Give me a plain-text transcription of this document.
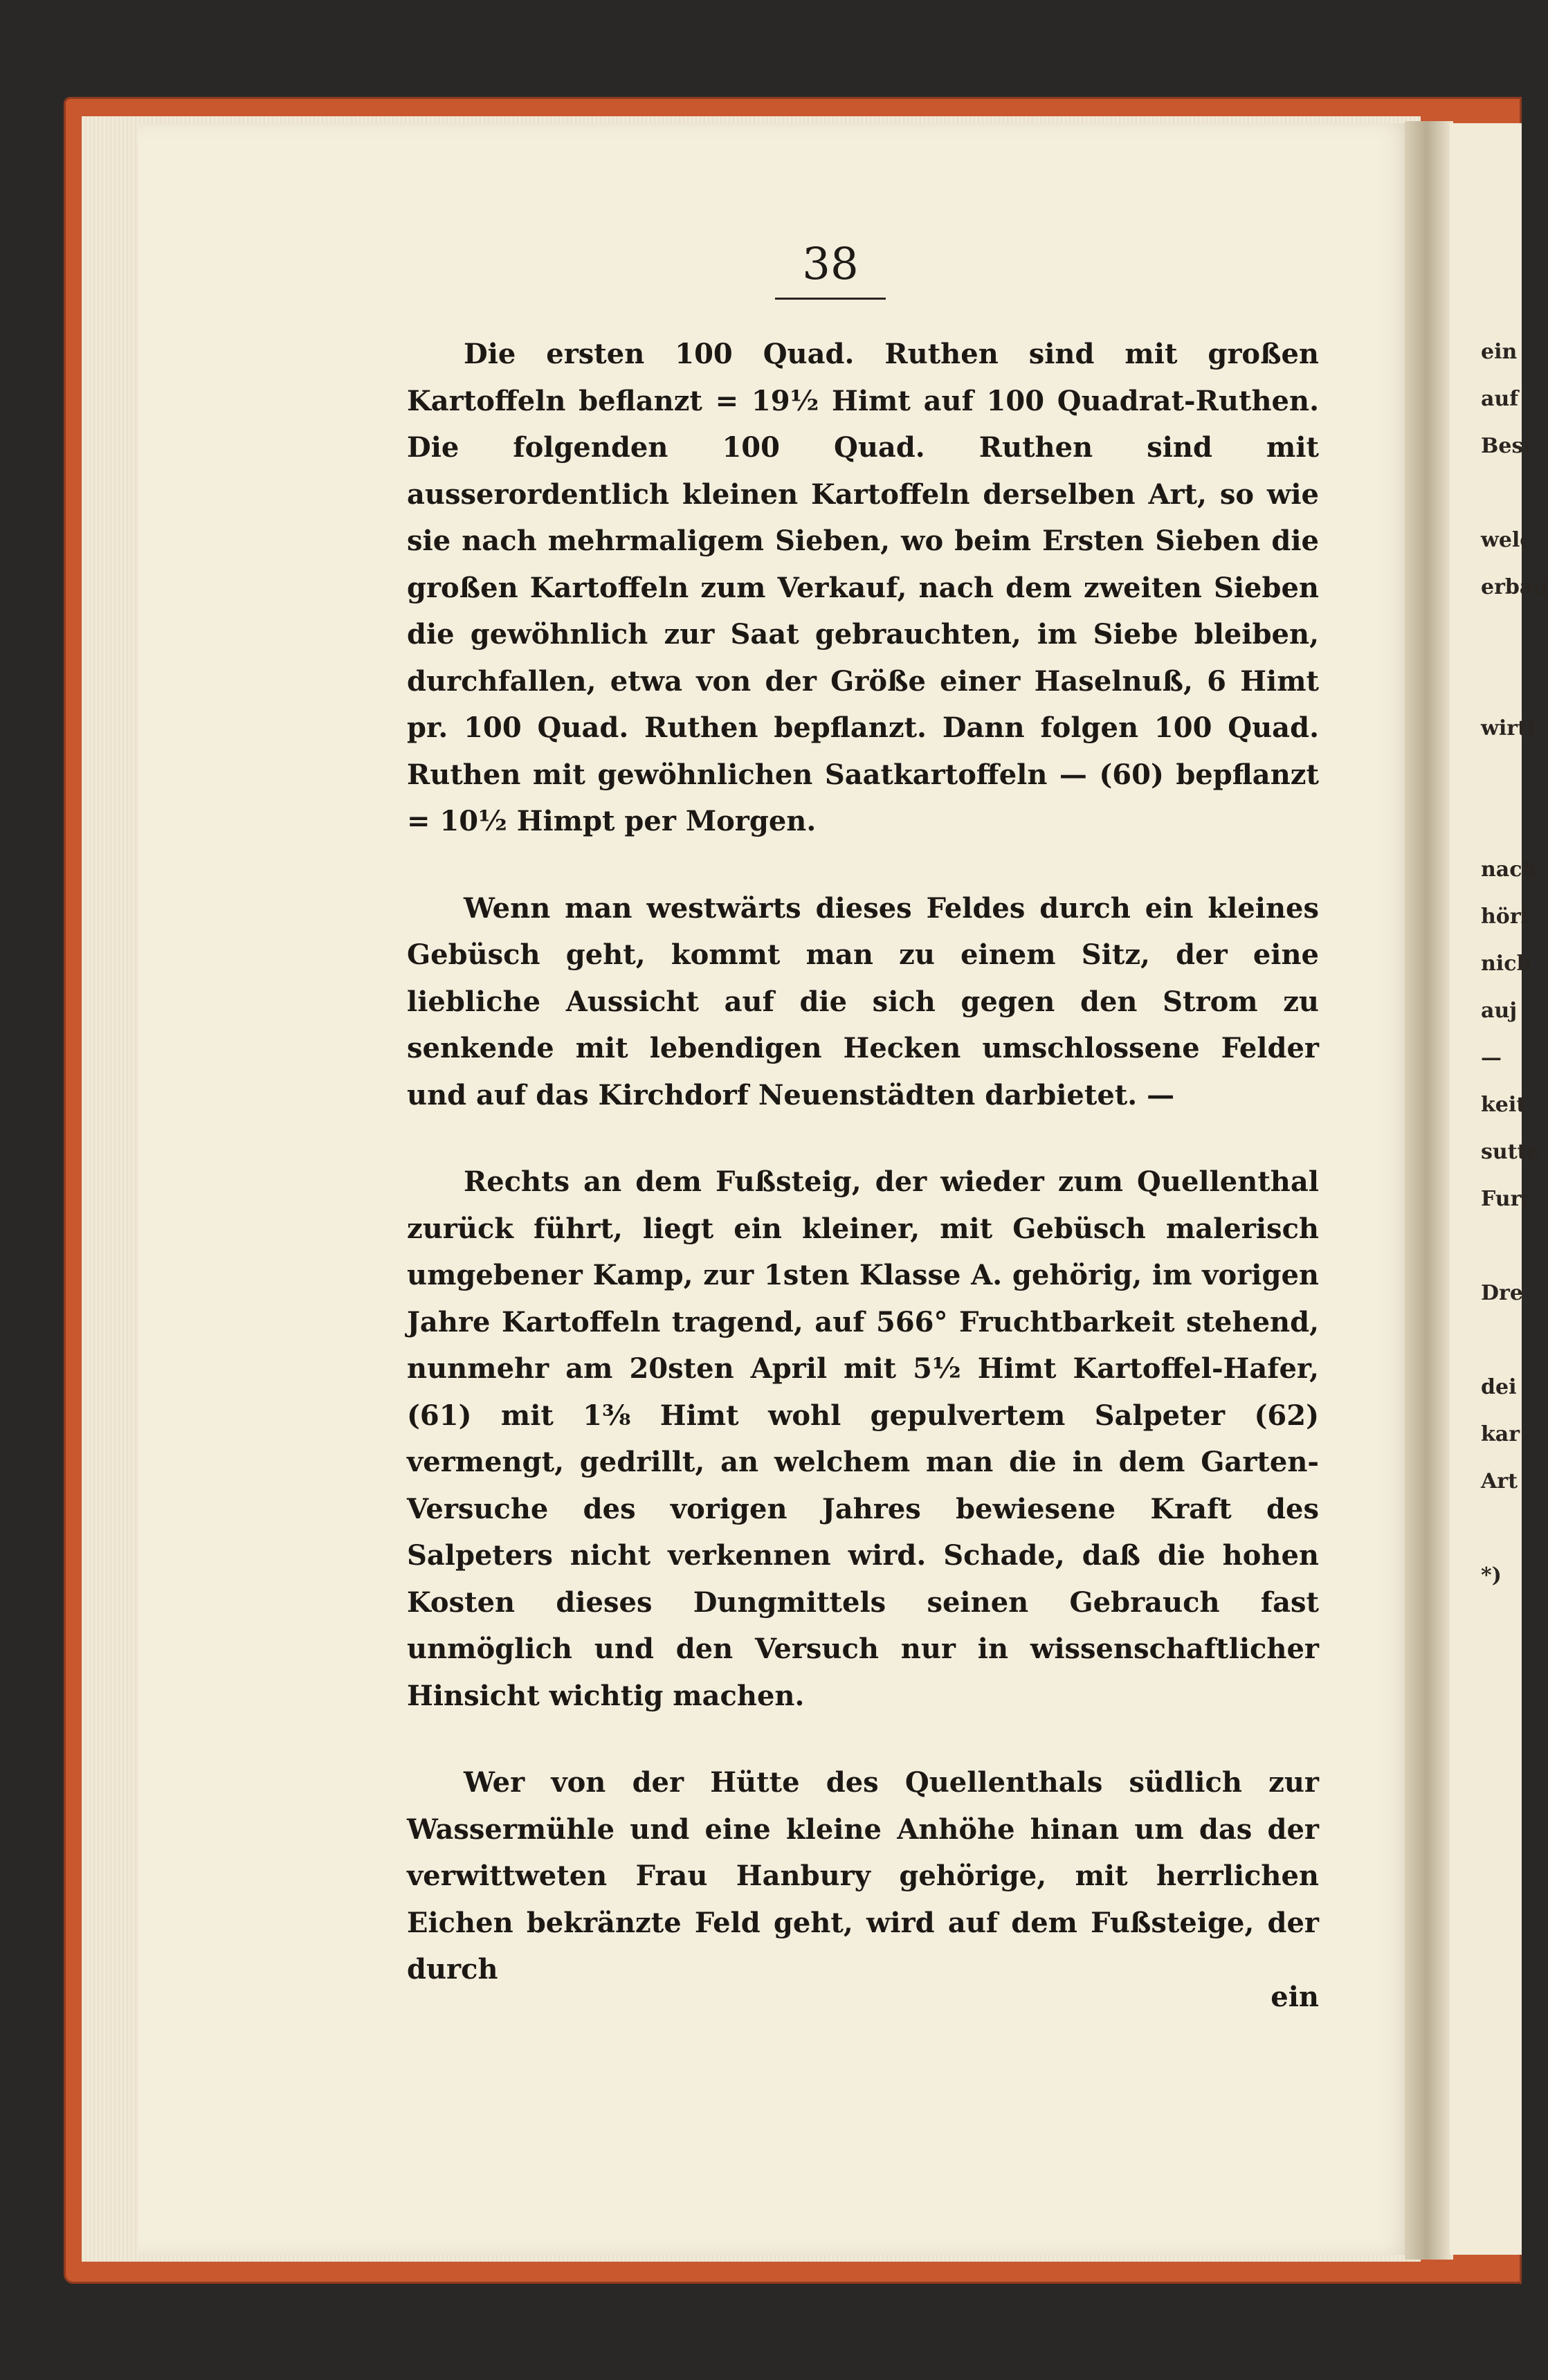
38

Die ersten 100 Quad. Ruthen sind mit großen Kartoffeln beflanzt = 19½ Himt auf 100 Quadrat-Ruthen. Die folgenden 100 Quad. Ruthen sind mit ausserordentlich kleinen Kartoffeln derselben Art, so wie sie nach mehrmaligem Sieben, wo beim Ersten Sieben die großen Kartoffeln zum Verkauf, nach dem zweiten Sieben die gewöhnlich zur Saat gebrauchten, im Siebe bleiben, durchfallen, etwa von der Größe einer Haselnuß, 6 Himt pr. 100 Quad. Ruthen bepflanzt. Dann folgen 100 Quad. Ruthen mit gewöhnlichen Saatkartoffeln — (60) bepflanzt = 10½ Himpt per Morgen.

Wenn man westwärts dieses Feldes durch ein kleines Gebüsch geht, kommt man zu einem Sitz, der eine liebliche Aussicht auf die sich gegen den Strom zu senkende mit lebendigen Hecken umschlossene Felder und auf das Kirchdorf Neuenstädten darbietet. —

Rechts an dem Fußsteig, der wieder zum Quellenthal zurück führt, liegt ein kleiner, mit Gebüsch malerisch umgebener Kamp, zur 1sten Klasse A. gehörig, im vorigen Jahre Kartoffeln tragend, auf 566° Fruchtbarkeit stehend, nunmehr am 20sten April mit 5½ Himt Kartoffel-Hafer, (61) mit 1⅜ Himt wohl gepulvertem Salpeter (62) vermengt, gedrillt, an welchem man die in dem Garten-Versuche des vorigen Jahres bewiesene Kraft des Salpeters nicht verkennen wird. Schade, daß die hohen Kosten dieses Dungmittels seinen Gebrauch fast unmöglich und den Versuch nur in wissenschaftlicher Hinsicht wichtig machen.

Wer von der Hütte des Quellenthals südlich zur Wassermühle und eine kleine Anhöhe hinan um das der verwittweten Frau Hanbury gehörige, mit herrlichen Eichen bekränzte Feld geht, wird auf dem Fußsteige, der durch

ein
ein
auf
Besi

welc
erbau

wirtl

nach
höri
nich
auj
—
keit
sutte
Furc

Dre

dei
kar
Art

*)
